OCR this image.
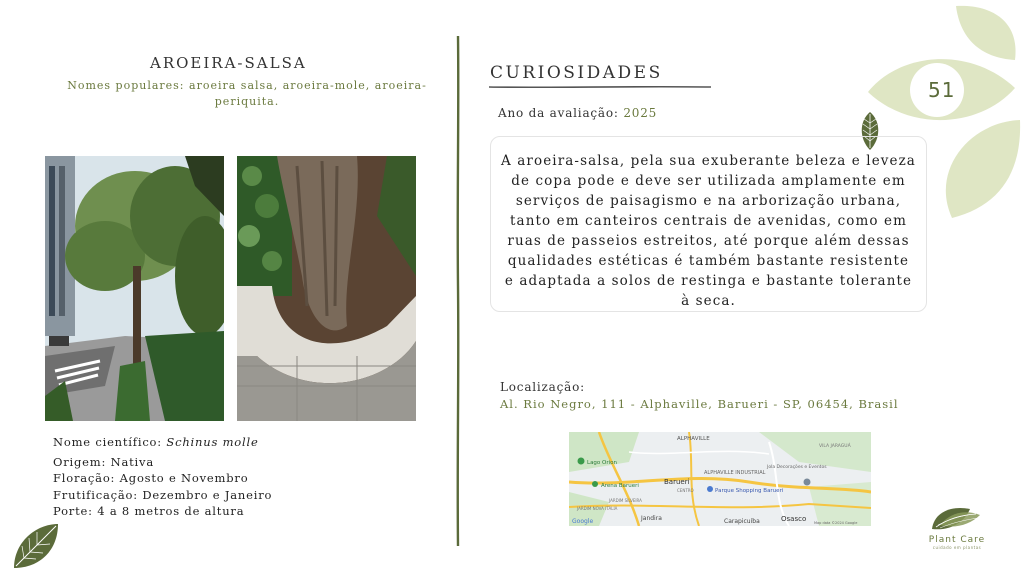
51
AROEIRA-SALSA
Nomes populares: aroeira salsa, aroeira-mole, aroeira-periquita.
Nome científico: Schinus molle
Origem: Nativa
Floração: Agosto e Novembro
Frutificação: Dezembro e Janeiro
Porte: 4 a 8 metros de altura
CURIOSIDADES
Ano da avaliação: 2025

A aroeira-salsa, pela sua exuberante beleza e leveza de copa pode e deve ser utilizada amplamente em serviços de paisagismo e na arborização urbana, tanto em canteiros centrais de avenidas, como em ruas de passeios estreitos, até porque além dessas qualidades estéticas é também bastante resistente e adaptada a solos de restinga e bastante tolerante à seca.

Localização:
Al. Rio Negro, 111 - Alphaville, Barueri - SP, 06454, Brasil
ALPHAVILLE
Lago Orion
VILA JARAGUÁ
Jola Decorações e Eventos
ALPHAVILLE INDUSTRIAL
Arena Barueri	Barueri
Parque Shopping Barueri
CENTRO
JARDIM SILVEIRA
JARDIM NOVA ITÁLIA
Jandira	Carapicuíba	Osasco
Google	Map data ©2024 Google
Plant Care
cuidado em plantas
